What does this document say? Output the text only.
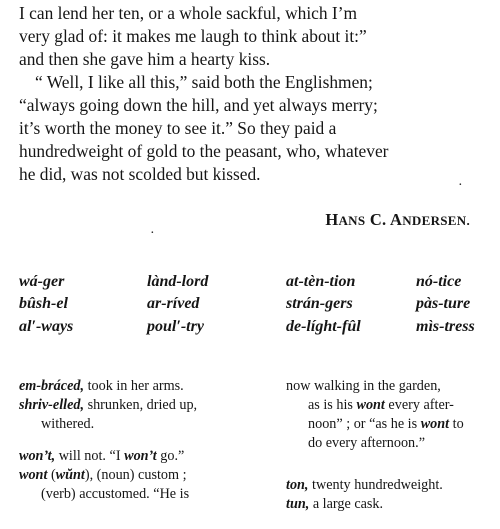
I can lend her ten, or a whole sackful, which I’m
very glad of: it makes me laugh to think about it:”
and then she gave him a hearty kiss.
“ Well, I like all this,” said both the Englishmen;
“always going down the hill, and yet always merry;
it’s worth the money to see it.” So they paid a
hundredweight of gold to the peasant, who, whatever
he did, was not scolded but kissed.
·
·
HANS C. ANDERSEN.
wá-ger	lànd-lord	at-tèn-tion	nó-tice
bûsh-el	ar-ríved	strán-gers	pàs-ture
al′-ways	poul′-try	de-líght-fûl	mìs-tress
em-bráced, took in her arms.
shriv-elled, shrunken, dried up,
withered.
won’t, will not. “I won’t go.”
wont (wŭnt), (noun) custom ;
(verb) accustomed. “He is
now walking in the garden,
as is his wont every after-
noon” ; or “as he is wont to
do every afternoon.”
ton, twenty hundredweight.
tun, a large cask.
